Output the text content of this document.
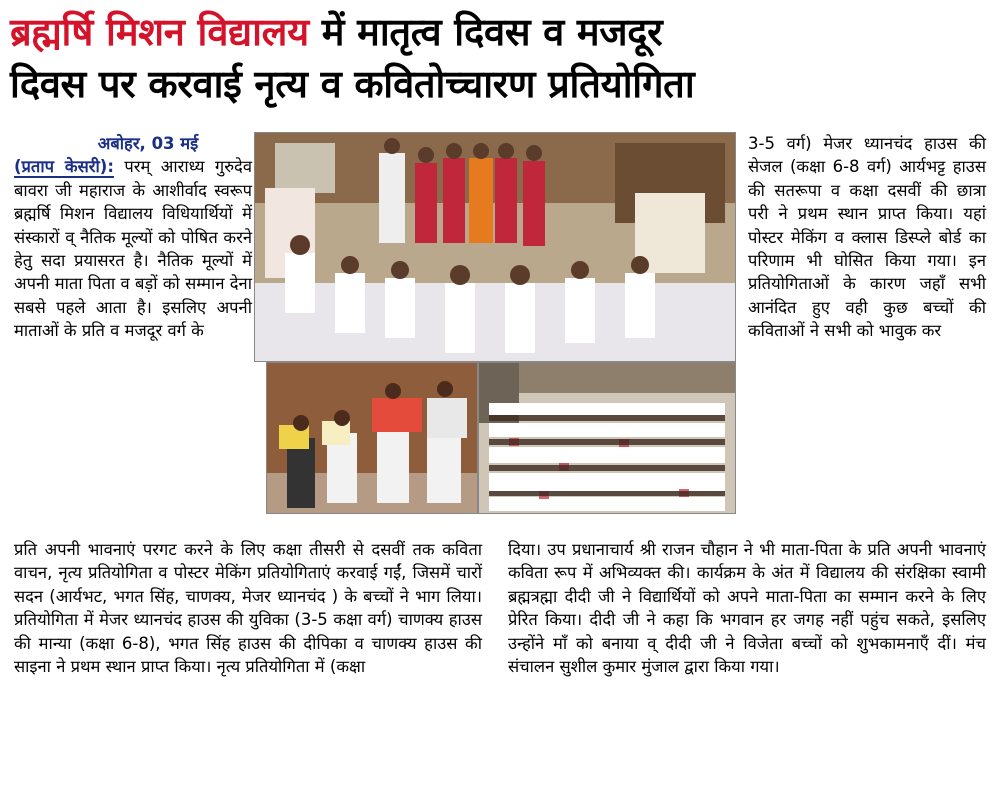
ब्रह्मर्षि मिशन विद्यालय में मातृत्व दिवस व मजदूर
दिवस पर करवाई नृत्य व कविताेच्चारण प्रतियोगिता

अबोहर, 03 मई
(प्रताप केसरी): परम् आराध्य गुरुदेव बावरा जी महाराज के आशीर्वाद स्वरूप ब्रह्मर्षि मिशन विद्यालय विधियार्थियों में संस्कारों व् नैतिक मूल्यों को पोषित करने हेतु सदा प्रयासरत है। नैतिक मूल्यों में अपनी माता पिता व बड़ों को सम्मान देना सबसे पहले आता है। इसलिए अपनी माताओं के प्रति व मजदूर वर्ग के

3-5 वर्ग) मेजर ध्यानचंद हाउस की सेजल (कक्षा 6-8 वर्ग) आर्यभट्ट हाउस की सतरूपा व कक्षा दसवीं की छात्रा परी ने प्रथम स्थान प्राप्त किया। यहां पोस्टर मेकिंग व क्लास डिस्प्ले बोर्ड का परिणाम भी घोसित किया गया। इन प्रतियोगिताओं के कारण जहाँ सभी आनंदित हुए वही कुछ बच्चों की कविताओं ने सभी को भावुक कर

प्रति अपनी भावनाएं परगट करने के लिए कक्षा तीसरी से दसवीं तक कविता वाचन, नृत्य प्रतियोगिता व पोस्टर मेकिंग प्रतियोगिताएं करवाई गईं, जिसमें चारों सदन (आर्यभट, भगत सिंह, चाणक्य, मेजर ध्यानचंद ) के बच्चों ने भाग लिया। प्रतियोगिता में मेजर ध्यानचंद हाउस की युविका (3-5 कक्षा वर्ग) चाणक्य हाउस की मान्या (कक्षा 6-8), भगत सिंह हाउस की दीपिका व चाणक्य हाउस की साइना ने प्रथम स्थान प्राप्त किया। नृत्य प्रतियोगिता में (कक्षा

दिया। उप प्रधानाचार्य श्री राजन चौहान ने भी माता-पिता के प्रति अपनी भावनाएं कविता रूप में अभिव्यक्त की। कार्यक्रम के अंत में विद्यालय की संरक्षिका स्वामी ब्रह्मत्रह्मा दीदी जी ने विद्यार्थियों को अपने माता-पिता का सम्मान करने के लिए प्रेरित किया। दीदी जी ने कहा कि भगवान हर जगह नहीं पहुंच सकते, इसलिए उन्होंने माँ को बनाया व् दीदी जी ने विजेता बच्चों को शुभकामनाएँ दीं। मंच संचालन सुशील कुमार मुंजाल द्वारा किया गया।
